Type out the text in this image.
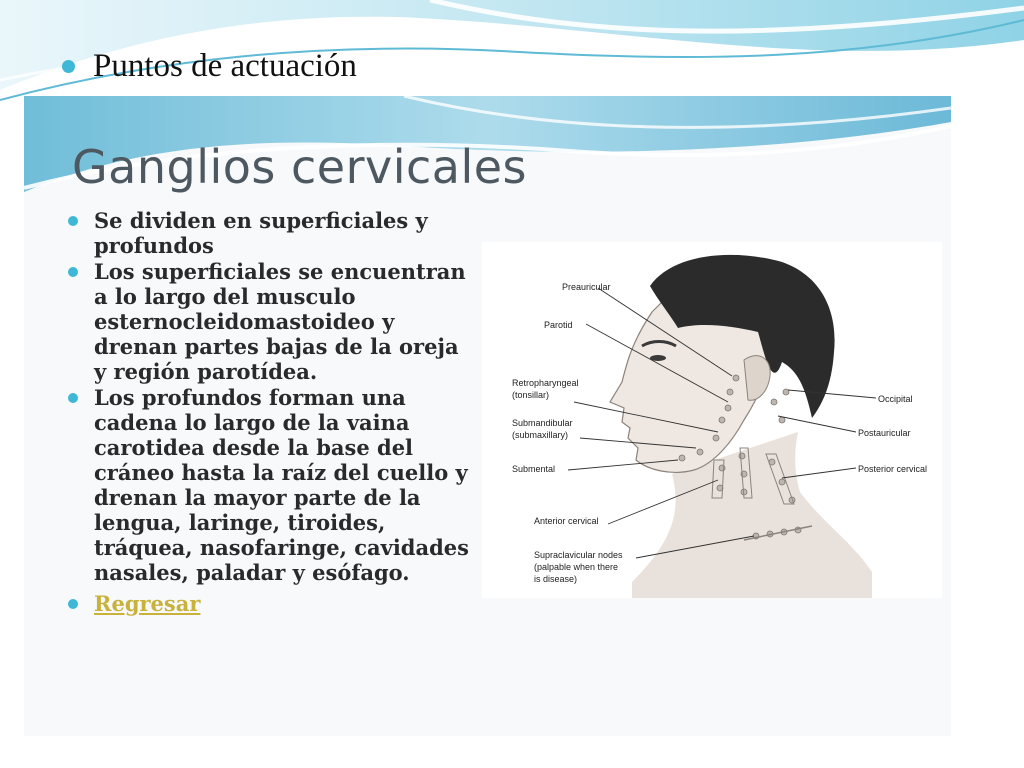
Puntos de actuación
Ganglios cervicales
Se dividen en superficiales y profundos
Los superficiales se encuentran a lo largo del musculo esternocleidomastoideo y drenan partes bajas de la oreja y región parotídea.
Los profundos forman una cadena lo largo de la vaina carotidea desde la base del cráneo hasta la raíz del cuello y drenan la mayor parte de la lengua, laringe, tiroides, tráquea, nasofaringe, cavidades nasales, paladar y esófago.
Regresar
Preauricular
Parotid
Retropharyngeal
(tonsillar)
Submandibular
(submaxillary)
Submental
Anterior cervical
Supraclavicular nodes
(palpable when there
is disease)
Occipital
Postauricular
Posterior cervical
